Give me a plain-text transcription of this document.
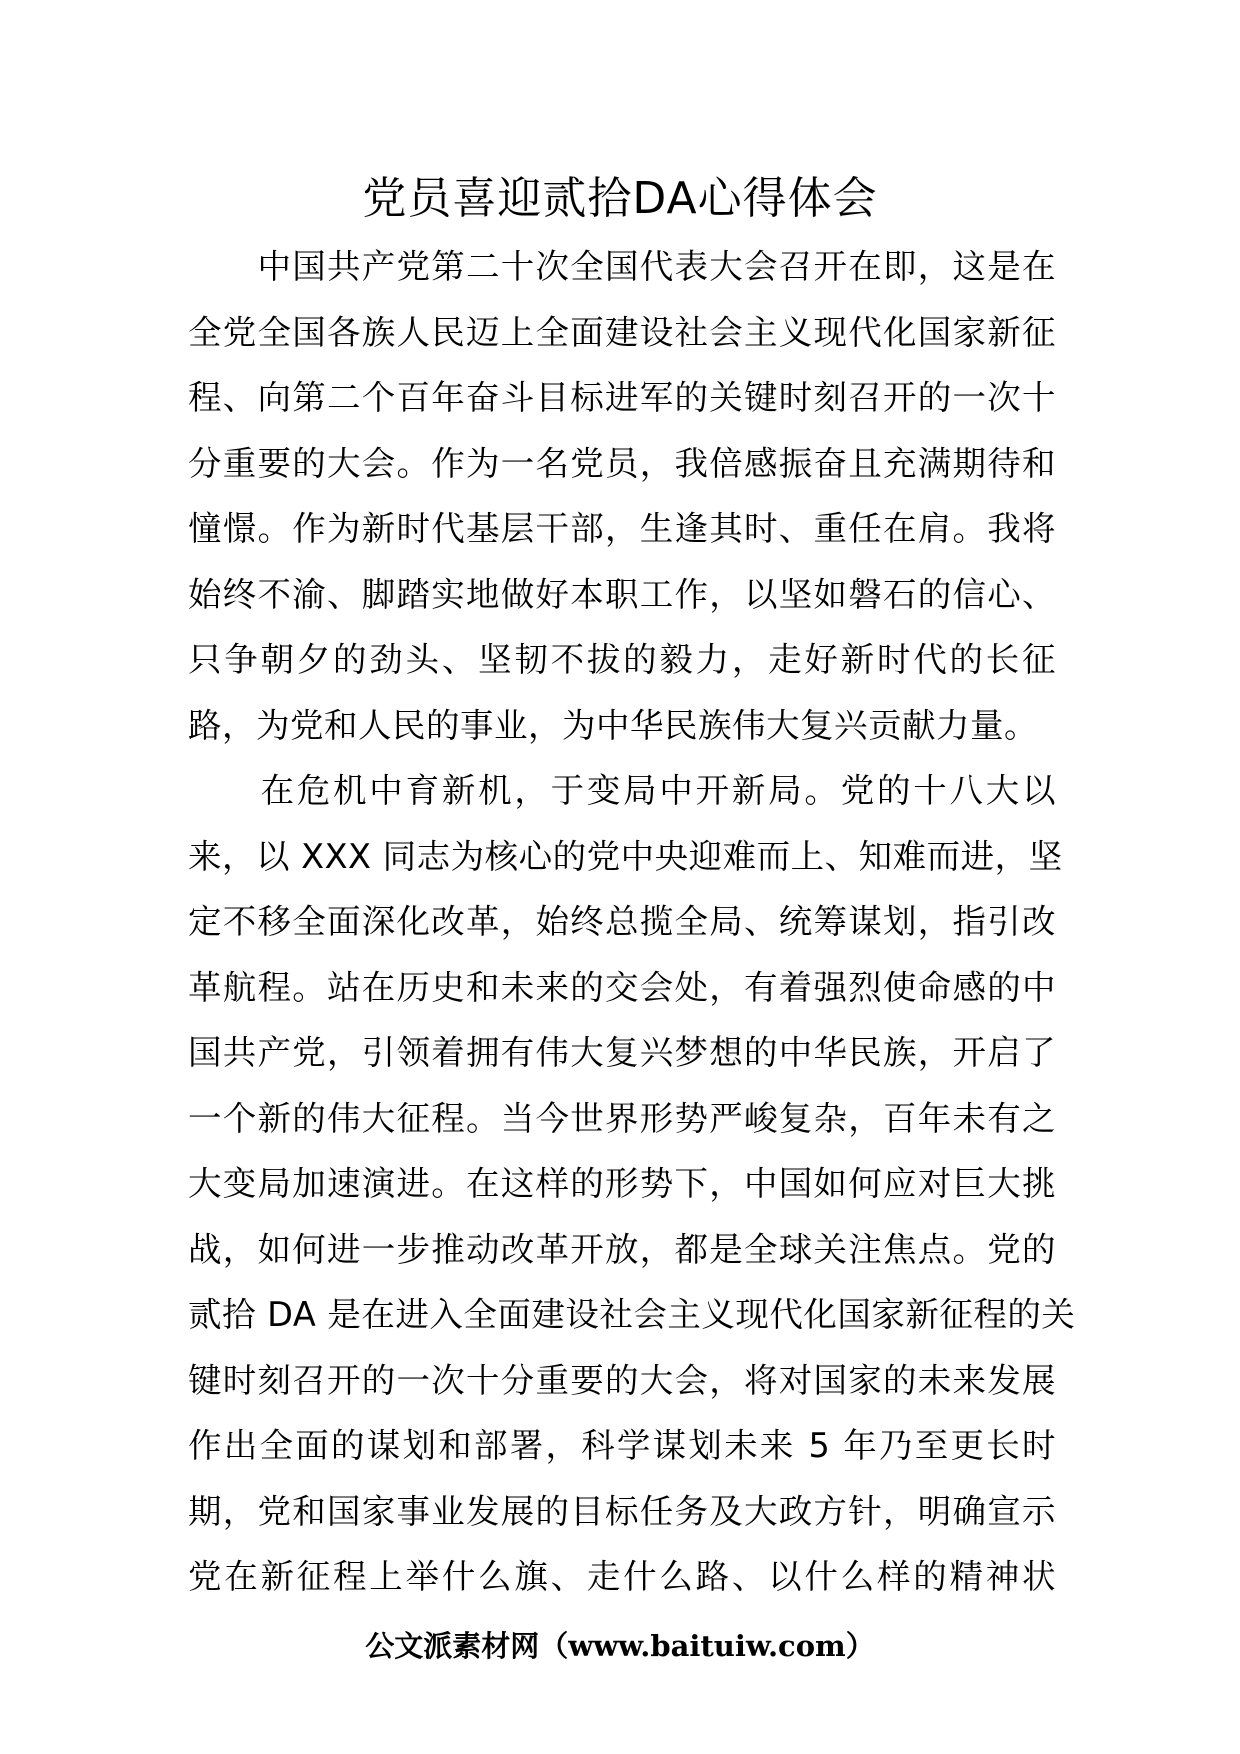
党员喜迎贰拾DA心得体会
　　中国共产党第二十次全国代表大会召开在即，这是在
全党全国各族人民迈上全面建设社会主义现代化国家新征
程、向第二个百年奋斗目标进军的关键时刻召开的一次十
分重要的大会。作为一名党员，我倍感振奋且充满期待和
憧憬。作为新时代基层干部，生逢其时、重任在肩。我将
始终不渝、脚踏实地做好本职工作，以坚如磐石的信心、
只争朝夕的劲头、坚韧不拔的毅力，走好新时代的长征
路，为党和人民的事业，为中华民族伟大复兴贡献力量。
　　在危机中育新机，于变局中开新局。党的十八大以
来，以 XXX 同志为核心的党中央迎难而上、知难而进，坚
定不移全面深化改革，始终总揽全局、统筹谋划，指引改
革航程。站在历史和未来的交会处，有着强烈使命感的中
国共产党，引领着拥有伟大复兴梦想的中华民族，开启了
一个新的伟大征程。当今世界形势严峻复杂，百年未有之
大变局加速演进。在这样的形势下，中国如何应对巨大挑
战，如何进一步推动改革开放，都是全球关注焦点。党的
贰拾 DA 是在进入全面建设社会主义现代化国家新征程的关
键时刻召开的一次十分重要的大会，将对国家的未来发展
作出全面的谋划和部署，科学谋划未来 5 年乃至更长时
期，党和国家事业发展的目标任务及大政方针，明确宣示
党在新征程上举什么旗、走什么路、以什么样的精神状

公文派素材网（www.baituiw.com）
